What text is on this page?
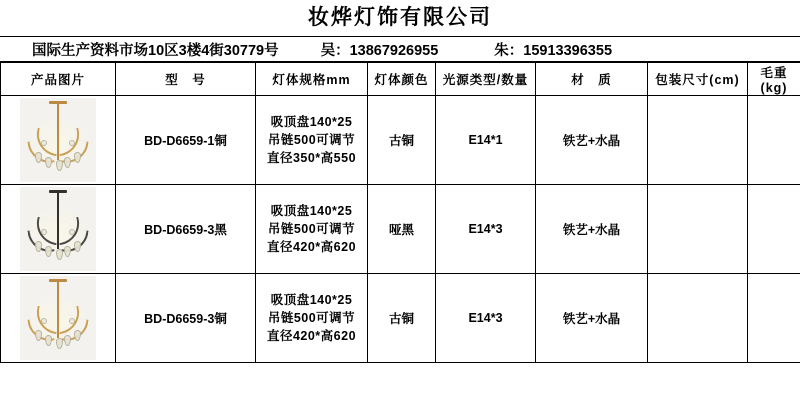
妆烨灯饰有限公司
国际生产资料市场10区3楼4街30779号	吴：13867926955	朱：15913396355
产品图片	型　号	灯体规格mm	灯体颜色	光源类型/数量	材　质	包装尺寸(cm)	毛重(kg)

	BD-D6659-1铜	吸顶盘140*25
吊链500可调节
直径350*高550	古铜	E14*1	铁艺+水晶		

	BD-D6659-3黑	吸顶盘140*25
吊链500可调节
直径420*高620	哑黑	E14*3	铁艺+水晶		

	BD-D6659-3铜	吸顶盘140*25
吊链500可调节
直径420*高620	古铜	E14*3	铁艺+水晶		
